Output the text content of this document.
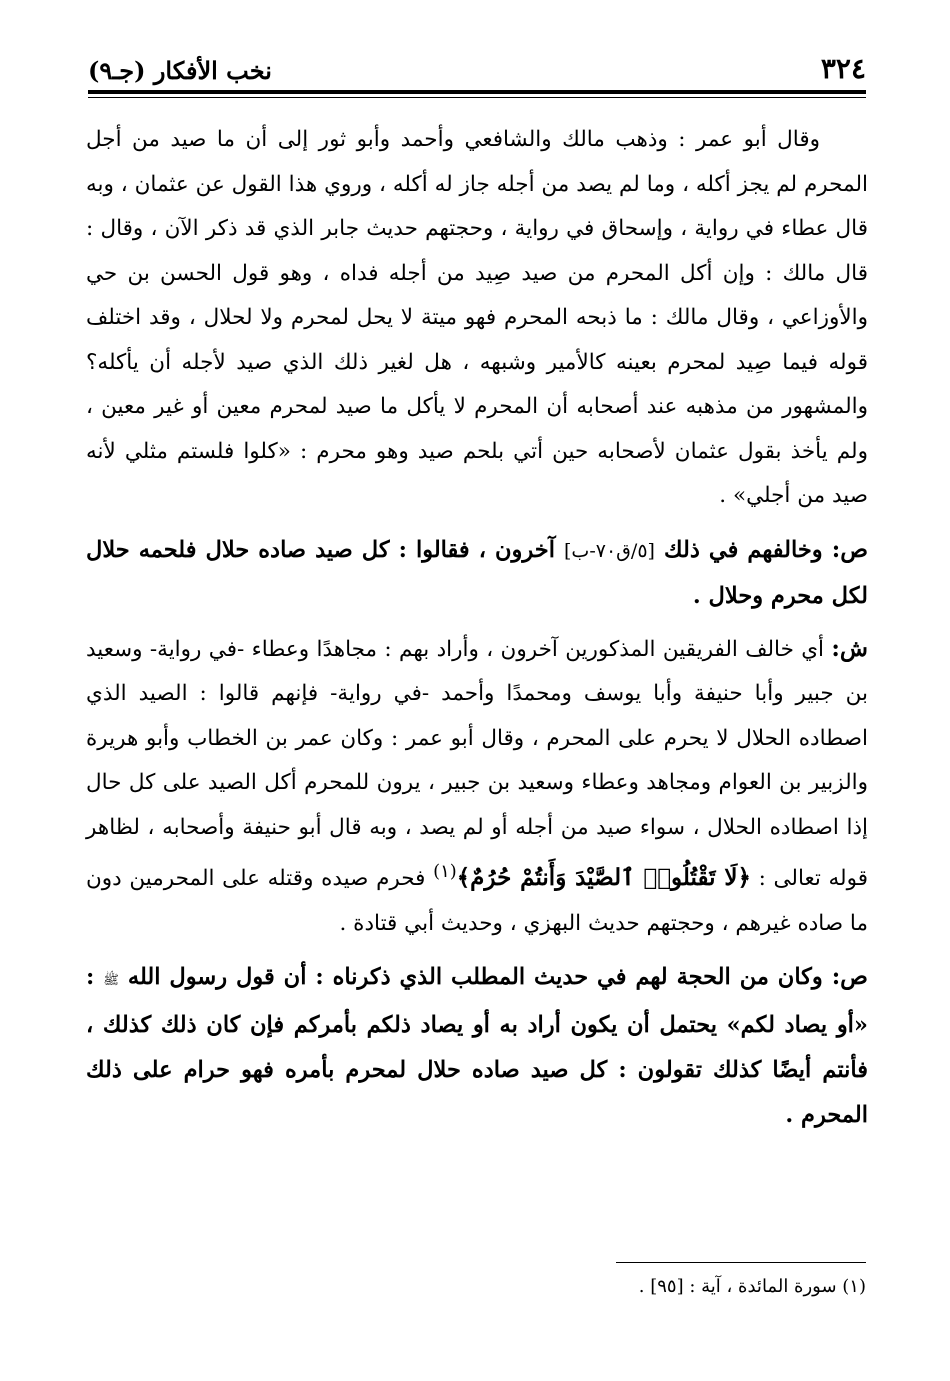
٣٢٤
نخب الأفكار (جـ٩)

وقال أبو عمر : وذهب مالك والشافعي وأحمد وأبو ثور إلى أن ما صيد من أجل المحرم لم يجز أكله ، وما لم يصد من أجله جاز له أكله ، وروي هذا القول عن عثمان ، وبه قال عطاء في رواية ، وإسحاق في رواية ، وحجتهم حديث جابر الذي قد ذكر الآن ، وقال : قال مالك : وإن أكل المحرم من صيد صِيد من أجله فداه ، وهو قول الحسن بن حي والأوزاعي ، وقال مالك : ما ذبحه المحرم فهو ميتة لا يحل لمحرم ولا لحلال ، وقد اختلف قوله فيما صِيد لمحرم بعينه كالأمير وشبهه ، هل لغير ذلك الذي صيد لأجله أن يأكله؟ والمشهور من مذهبه عند أصحابه أن المحرم لا يأكل ما صيد لمحرم معين أو غير معين ، ولم يأخذ بقول عثمان لأصحابه حين أتي بلحم صيد وهو محرم : «كلوا فلستم مثلي لأنه صيد من أجلي» .

ص: وخالفهم في ذلك [٥/ق٧٠-ب] آخرون ، فقالوا : كل صيد صاده حلال فلحمه حلال لكل محرم وحلال .

ش: أي خالف الفريقين المذكورين آخرون ، وأراد بهم : مجاهدًا وعطاء -في رواية- وسعيد بن جبير وأبا حنيفة وأبا يوسف ومحمدًا وأحمد -في رواية- فإنهم قالوا : الصيد الذي اصطاده الحلال لا يحرم على المحرم ، وقال أبو عمر : وكان عمر بن الخطاب وأبو هريرة والزبير بن العوام ومجاهد وعطاء وسعيد بن جبير ، يرون للمحرم أكل الصيد على كل حال إذا اصطاده الحلال ، سواء صيد من أجله أو لم يصد ، وبه قال أبو حنيفة وأصحابه ، لظاهر قوله تعالى : ﴿لَا تَقْتُلُوا۟ ٱلصَّيْدَ وَأَنتُمْ حُرُمٌ﴾$^{(١)}$ فحرم صيده وقتله على المحرمين دون ما صاده غيرهم ، وحجتهم حديث البهزي ، وحديث أبي قتادة .

ص: وكان من الحجة لهم في حديث المطلب الذي ذكرناه : أن قول رسول الله ﷺ : «أو يصاد لكم» يحتمل أن يكون أراد به أو يصاد ذلكم بأمركم فإن كان ذلك كذلك ، فأنتم أيضًا كذلك تقولون : كل صيد صاده حلال لمحرم بأمره فهو حرام على ذلك المحرم .

(١) سورة المائدة ، آية : [٩٥] .
